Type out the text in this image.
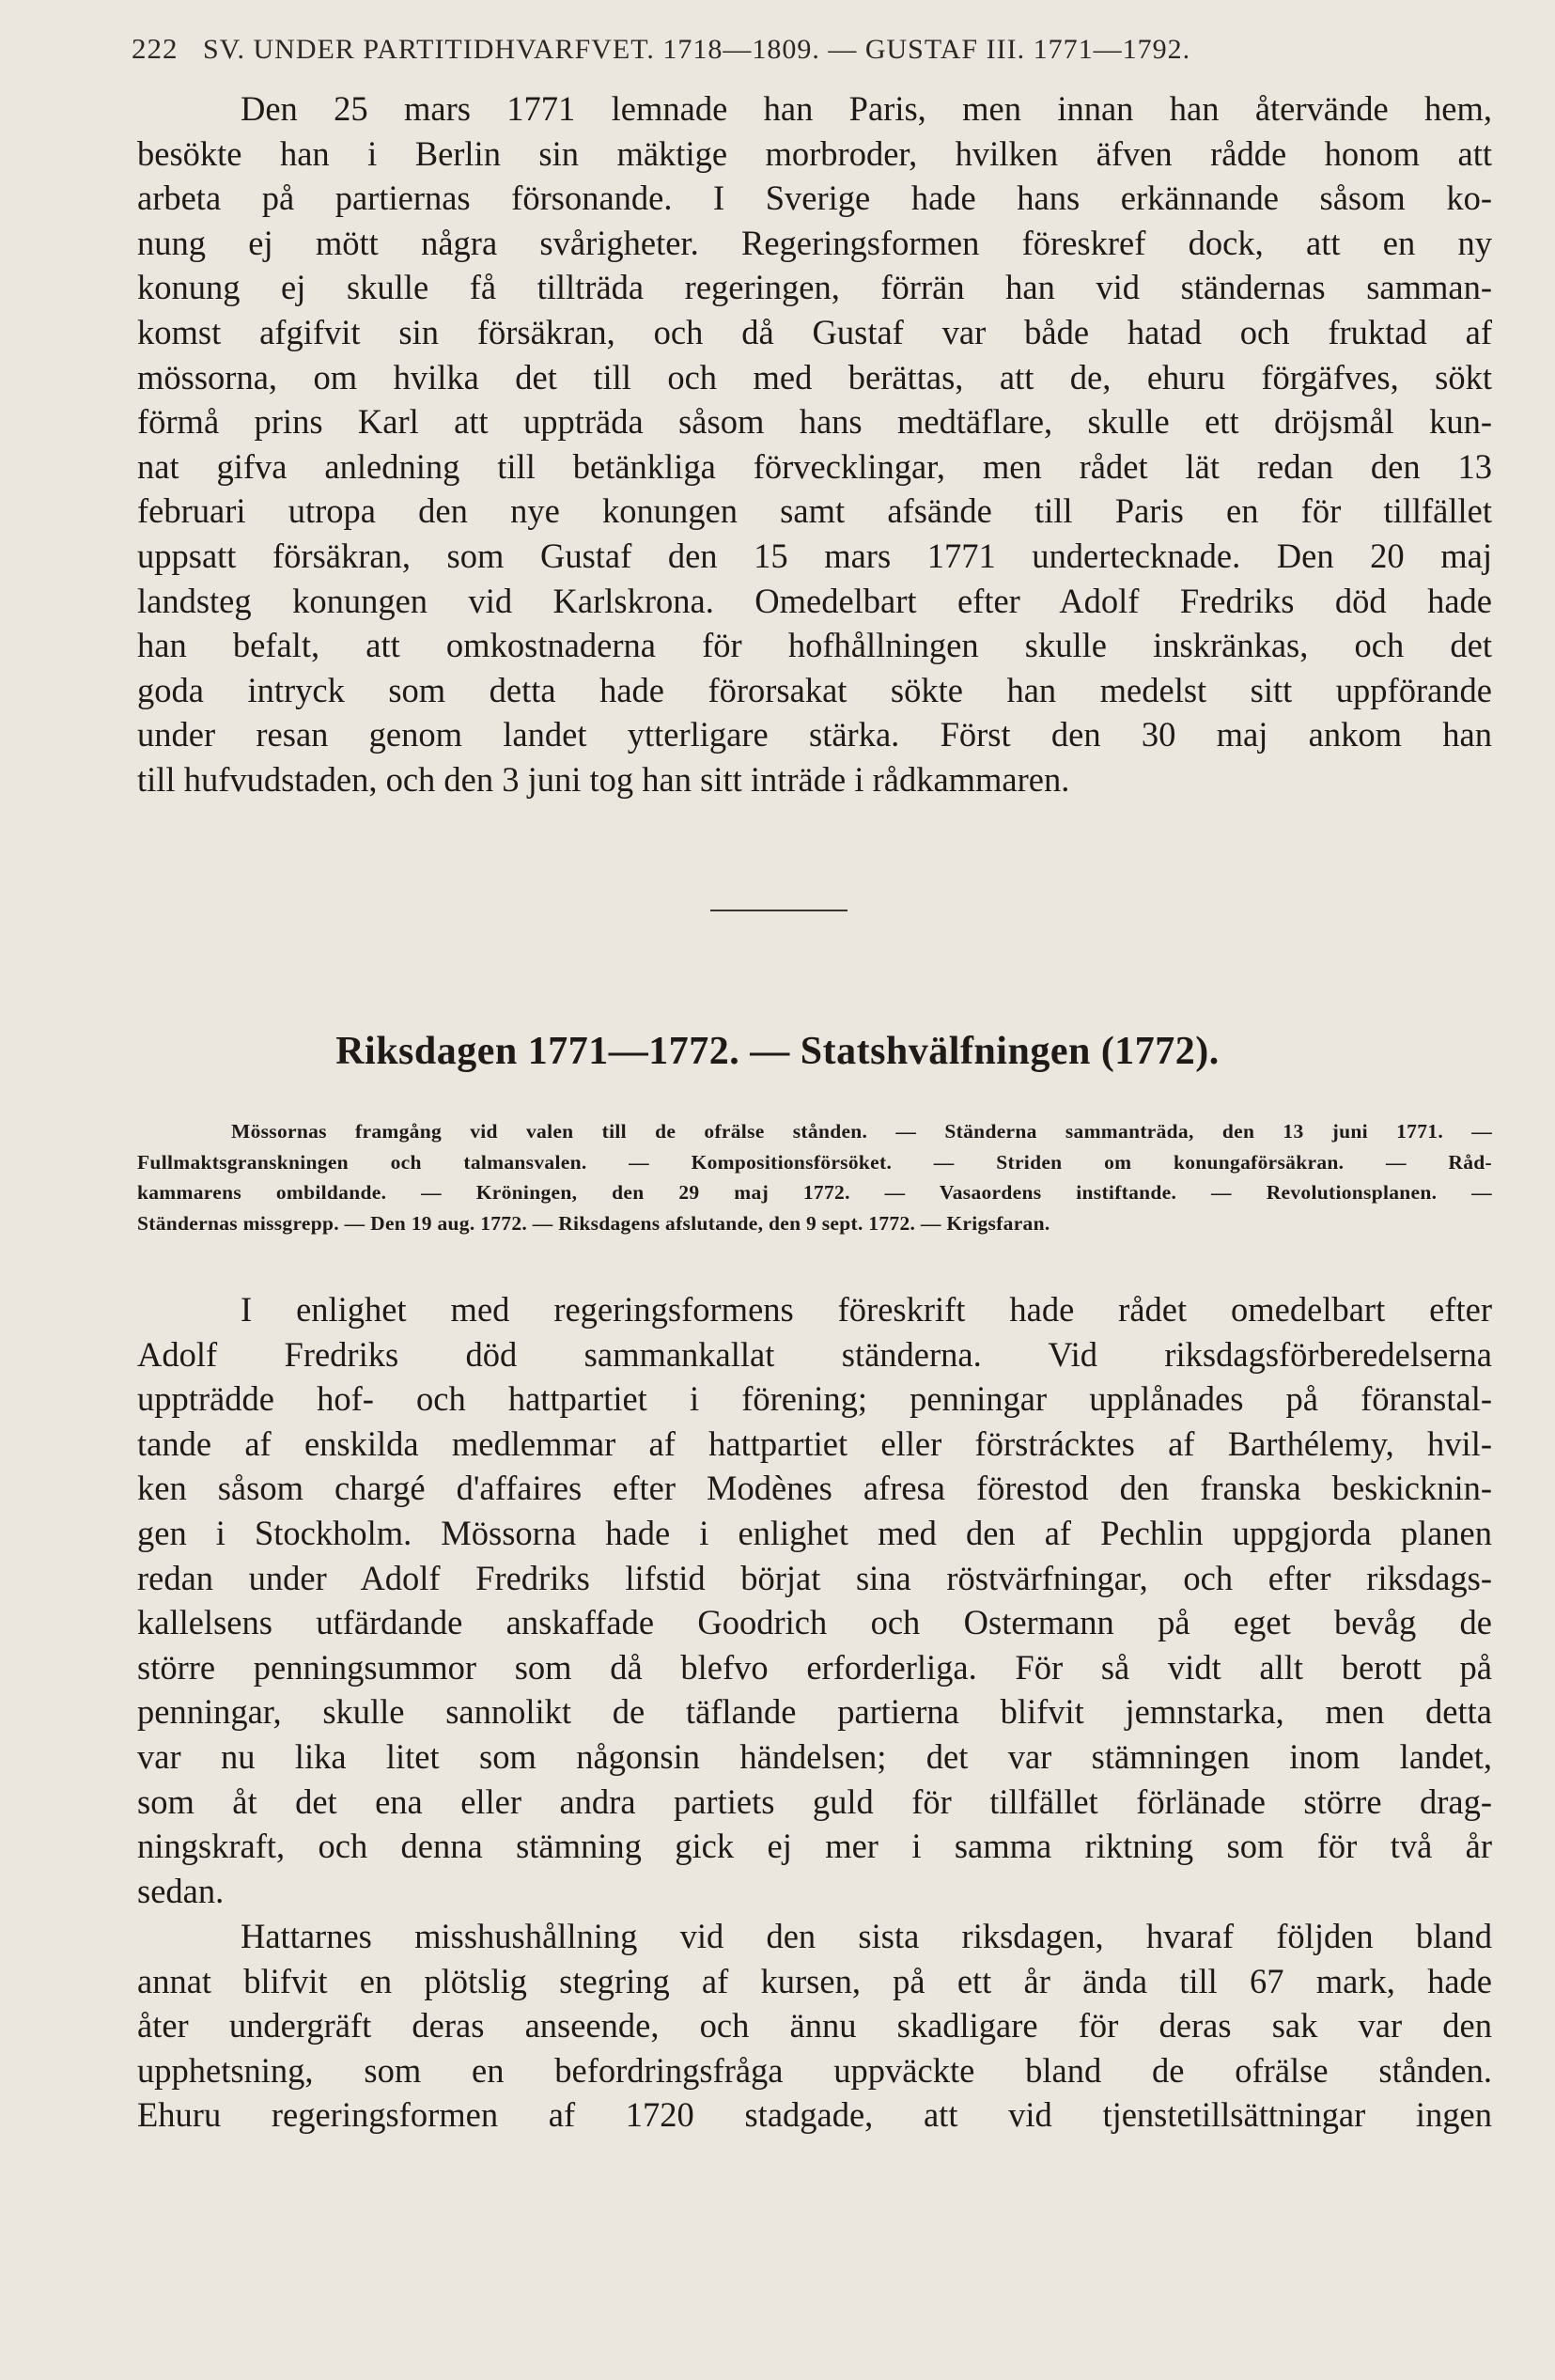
222 SV. UNDER PARTITIDHVARFVET. 1718—1809. — GUSTAF III. 1771—1792.
Den 25 mars 1771 lemnade han Paris, men innan han återvände hem,
besökte han i Berlin sin mäktige morbroder, hvilken äfven rådde honom att
arbeta på partiernas försonande. I Sverige hade hans erkännande såsom ko-
nung ej mött några svårigheter. Regeringsformen föreskref dock, att en ny
konung ej skulle få tillträda regeringen, förrän han vid ständernas samman-
komst afgifvit sin försäkran, och då Gustaf var både hatad och fruktad af
mössorna, om hvilka det till och med berättas, att de, ehuru förgäfves, sökt
förmå prins Karl att uppträda såsom hans medtäflare, skulle ett dröjsmål kun-
nat gifva anledning till betänkliga förvecklingar, men rådet lät redan den 13
februari utropa den nye konungen samt afsände till Paris en för tillfället
uppsatt försäkran, som Gustaf den 15 mars 1771 undertecknade. Den 20 maj
landsteg konungen vid Karlskrona. Omedelbart efter Adolf Fredriks död hade
han befalt, att omkostnaderna för hofhållningen skulle inskränkas, och det
goda intryck som detta hade förorsakat sökte han medelst sitt uppförande
under resan genom landet ytterligare stärka. Först den 30 maj ankom han
till hufvudstaden, och den 3 juni tog han sitt inträde i rådkammaren.
Riksdagen 1771—1772. — Statshvälfningen (1772).
Mössornas framgång vid valen till de ofrälse stånden. — Ständerna sammanträda, den 13 juni 1771. —
Fullmaktsgranskningen och talmansvalen. — Kompositionsförsöket. — Striden om konungaförsäkran. — Råd-
kammarens ombildande. — Kröningen, den 29 maj 1772. — Vasaordens instiftande. — Revolutionsplanen. —
Ständernas missgrepp. — Den 19 aug. 1772. — Riksdagens afslutande, den 9 sept. 1772. — Krigsfaran.
I enlighet med regeringsformens föreskrift hade rådet omedelbart efter
Adolf Fredriks död sammankallat ständerna. Vid riksdagsförberedelserna
uppträdde hof- och hattpartiet i förening; penningar upplånades på föranstal-
tande af enskilda medlemmar af hattpartiet eller förstrácktes af Barthélemy, hvil-
ken såsom chargé d'affaires efter Modènes afresa förestod den franska beskicknin-
gen i Stockholm. Mössorna hade i enlighet med den af Pechlin uppgjorda planen
redan under Adolf Fredriks lifstid börjat sina röstvärfningar, och efter riksdags-
kallelsens utfärdande anskaffade Goodrich och Ostermann på eget bevåg de
större penningsummor som då blefvo erforderliga. För så vidt allt berott på
penningar, skulle sannolikt de täflande partierna blifvit jemnstarka, men detta
var nu lika litet som någonsin händelsen; det var stämningen inom landet,
som åt det ena eller andra partiets guld för tillfället förlänade större drag-
ningskraft, och denna stämning gick ej mer i samma riktning som för två år
sedan.
Hattarnes misshushållning vid den sista riksdagen, hvaraf följden bland
annat blifvit en plötslig stegring af kursen, på ett år ända till 67 mark, hade
åter undergräft deras anseende, och ännu skadligare för deras sak var den
upphetsning, som en befordringsfråga uppväckte bland de ofrälse stånden.
Ehuru regeringsformen af 1720 stadgade, att vid tjenstetillsättningar ingen
